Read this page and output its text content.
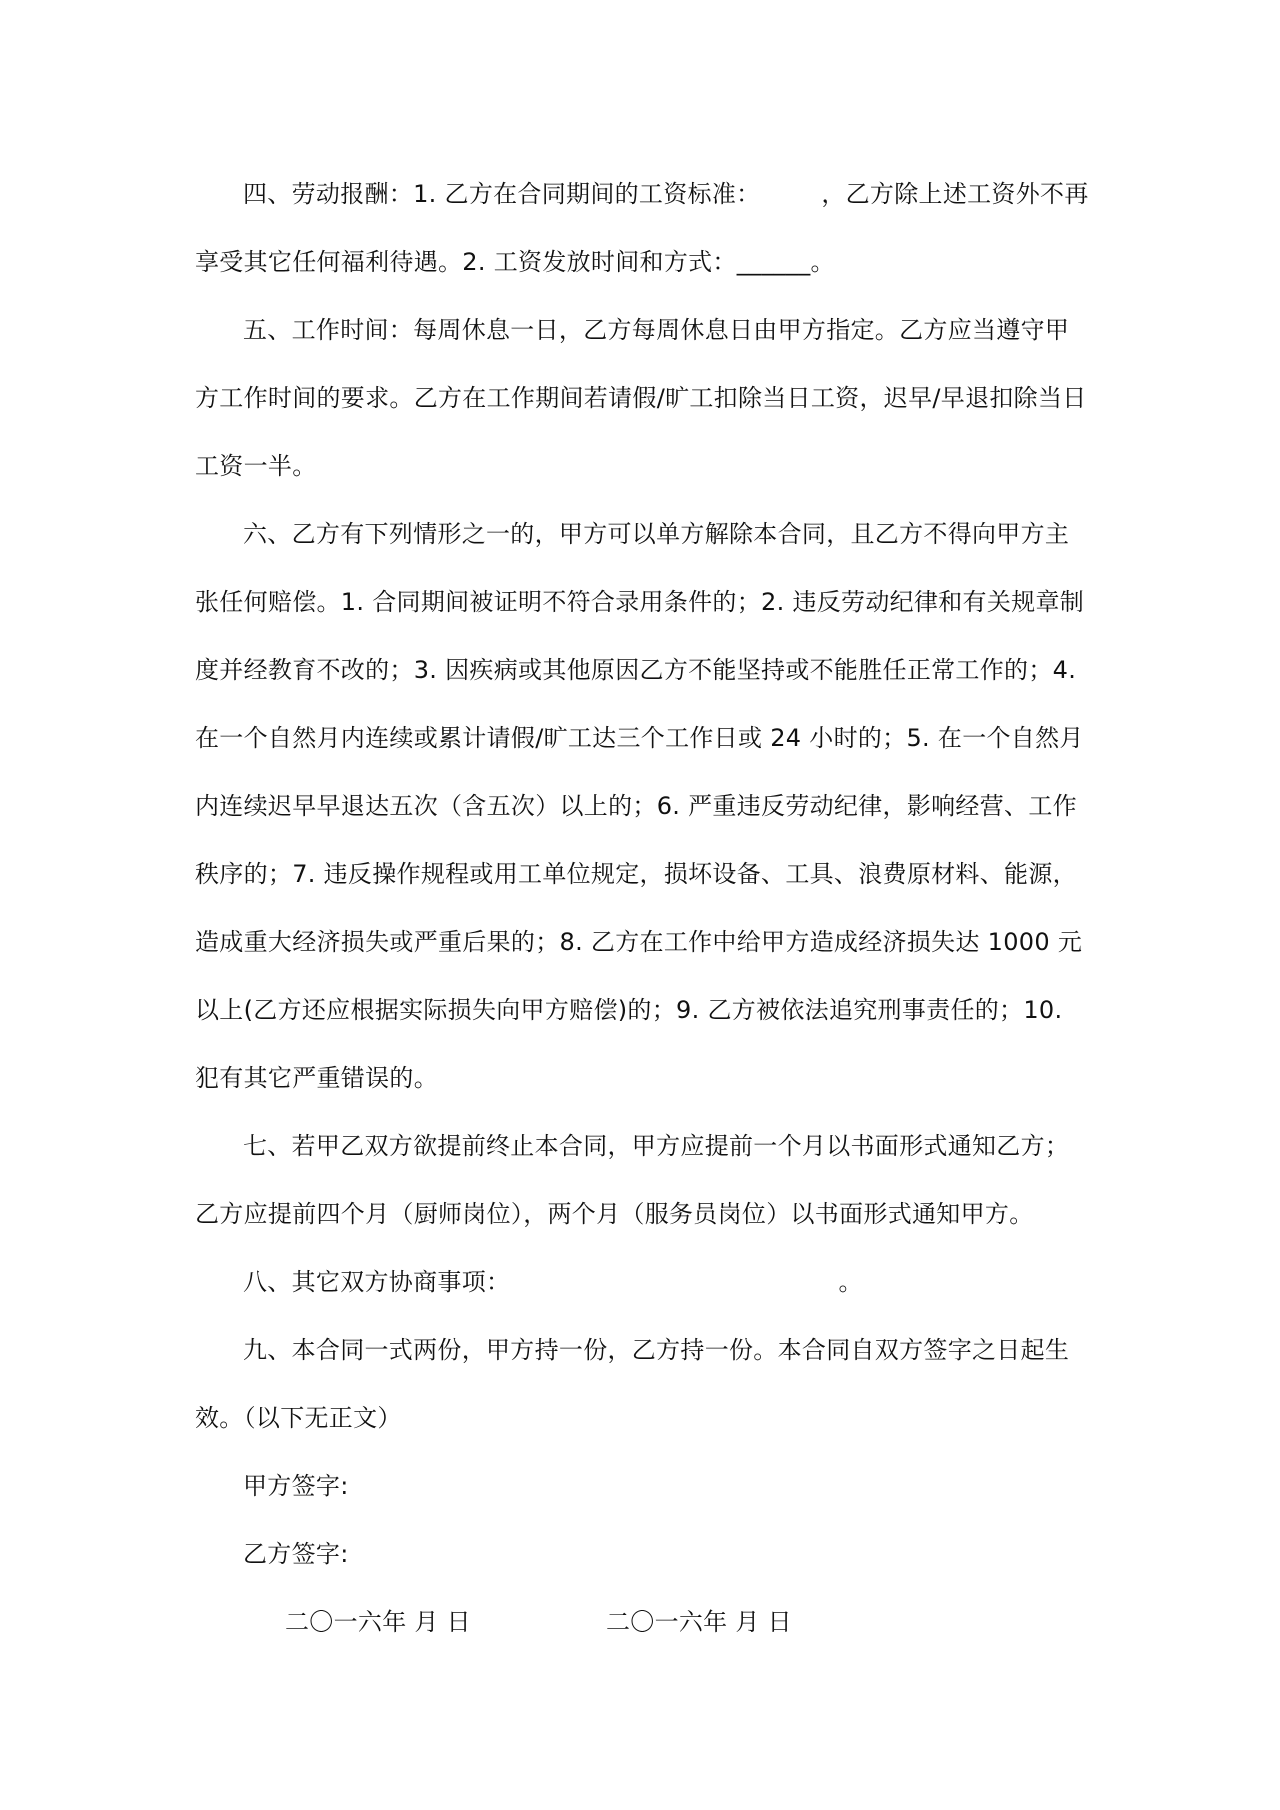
四、劳动报酬：1. 乙方在合同期间的工资标准：　　　，乙方除上述工资外不再享受其它任何福利待遇。2. 工资发放时间和方式：______。

五、工作时间：每周休息一日，乙方每周休息日由甲方指定。乙方应当遵守甲方工作时间的要求。乙方在工作期间若请假/旷工扣除当日工资，迟早/早退扣除当日工资一半。

六、乙方有下列情形之一的，甲方可以单方解除本合同，且乙方不得向甲方主张任何赔偿。1. 合同期间被证明不符合录用条件的；2. 违反劳动纪律和有关规章制度并经教育不改的；3. 因疾病或其他原因乙方不能坚持或不能胜任正常工作的；4. 在一个自然月内连续或累计请假/旷工达三个工作日或 24 小时的；5. 在一个自然月内连续迟早早退达五次（含五次）以上的；6. 严重违反劳动纪律，影响经营、工作秩序的；7. 违反操作规程或用工单位规定，损坏设备、工具、浪费原材料、能源，造成重大经济损失或严重后果的；8. 乙方在工作中给甲方造成经济损失达 1000 元以上(乙方还应根据实际损失向甲方赔偿)的；9. 乙方被依法追究刑事责任的；10. 犯有其它严重错误的。

七、若甲乙双方欲提前终止本合同，甲方应提前一个月以书面形式通知乙方；乙方应提前四个月（厨师岗位），两个月（服务员岗位）以书面形式通知甲方。

八、其它双方协商事项：　　　　　　　　　　　　　　。

九、本合同一式两份，甲方持一份，乙方持一份。本合同自双方签字之日起生效。（以下无正文）

甲方签字:

乙方签字:

二〇一六年 月 日	二〇一六年 月 日
